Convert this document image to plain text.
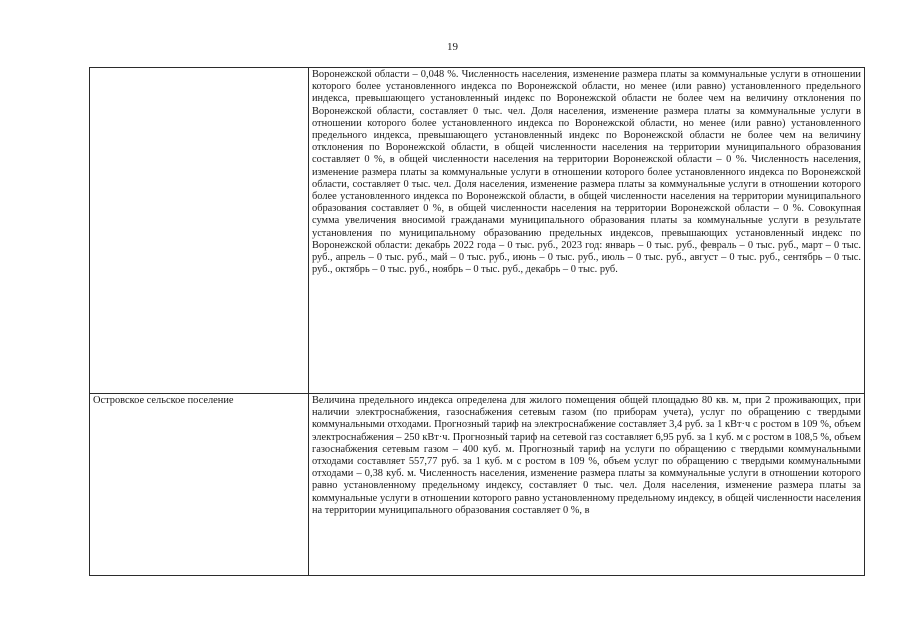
19

	Воронежской области – 0,048 %. Численность населения, изменение размера платы за коммунальные услуги в отношении которого более установленного индекса по Воронежской области, но менее (или равно) установленного предельного индекса, превышающего установленный индекс по Воронежской области не более чем на величину отклонения по Воронежской области, составляет 0 тыс. чел. Доля населения, изменение размера платы за коммунальные услуги в отношении которого более установленного индекса по Воронежской области, но менее (или равно) установленного предельного индекса, превышающего установленный индекс по Воронежской области не более чем на величину отклонения по Воронежской области, в общей численности населения на территории муниципального образования составляет 0 %, в общей численности населения на территории Воронежской области – 0 %. Численность населения, изменение размера платы за коммунальные услуги в отношении которого более установленного индекса по Воронежской области, составляет 0 тыс. чел. Доля населения, изменение размера платы за коммунальные услуги в отношении которого более установленного индекса по Воронежской области, в общей численности населения на территории муниципального образования составляет 0 %, в общей численности населения на территории Воронежской области – 0 %. Совокупная сумма увеличения вносимой гражданами муниципального образования платы за коммунальные услуги в результате установления по муниципальному образованию предельных индексов, превышающих установленный индекс по Воронежской области: декабрь 2022 года – 0 тыс. руб., 2023 год: январь – 0 тыс. руб., февраль – 0 тыс. руб., март – 0 тыс. руб., апрель – 0 тыс. руб., май – 0 тыс. руб., июнь – 0 тыс. руб., июль – 0 тыс. руб., август – 0 тыс. руб., сентябрь – 0 тыс. руб., октябрь – 0 тыс. руб., ноябрь – 0 тыс. руб., декабрь – 0 тыс. руб.

Островское сельское поселение	Величина предельного индекса определена для жилого помещения общей площадью 80 кв. м, при 2 проживающих, при наличии электроснабжения, газоснабжения сетевым газом (по приборам учета), услуг по обращению с твердыми коммунальными отходами. Прогнозный тариф на электроснабжение составляет 3,4 руб. за 1 кВт·ч с ростом в 109 %, объем электроснабжения – 250 кВт·ч. Прогнозный тариф на сетевой газ составляет 6,95 руб. за 1 куб. м с ростом в 108,5 %, объем газоснабжения сетевым газом – 400 куб. м. Прогнозный тариф на услуги по обращению с твердыми коммунальными отходами составляет 557,77 руб. за 1 куб. м с ростом в 109 %, объем услуг по обращению с твердыми коммунальными отходами – 0,38 куб. м. Численность населения, изменение размера платы за коммунальные услуги в отношении которого равно установленному предельному индексу, составляет 0 тыс. чел. Доля населения, изменение размера платы за коммунальные услуги в отношении которого равно установленному предельному индексу, в общей численности населения на территории муниципального образования составляет 0 %, в
